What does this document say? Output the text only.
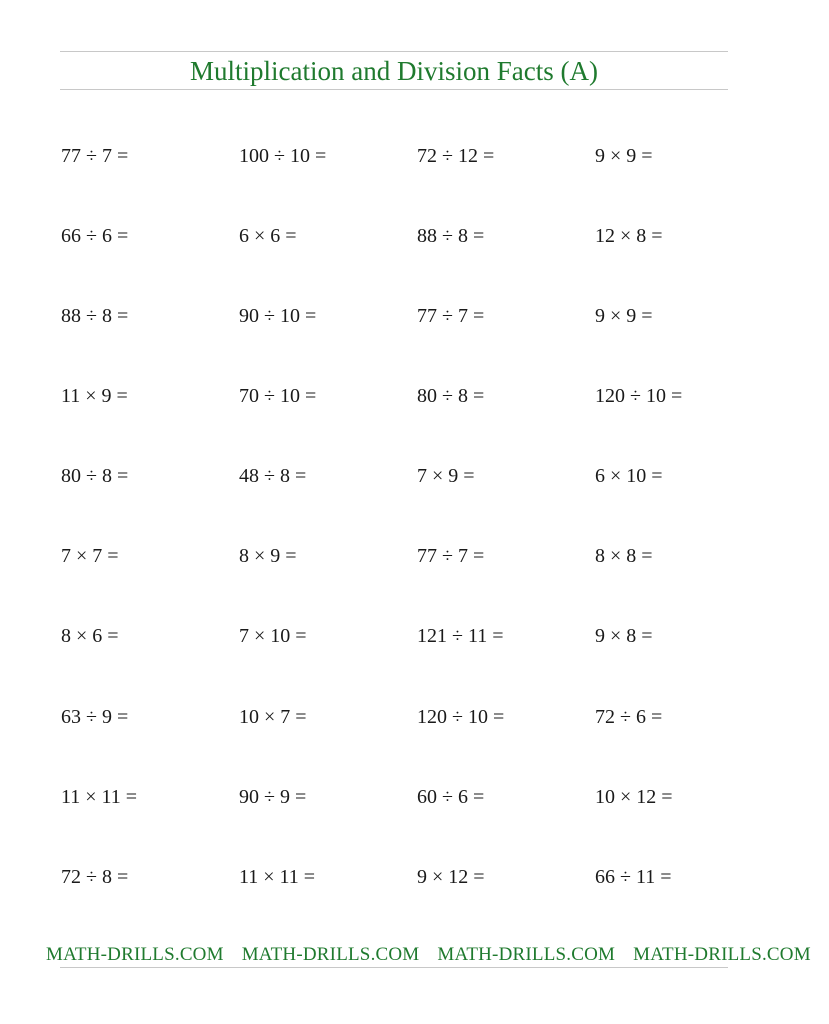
Multiplication and Division Facts (A)
77 ÷ 7 =	100 ÷ 10 =	72 ÷ 12 =	9 × 9 =
66 ÷ 6 =	6 × 6 =	88 ÷ 8 =	12 × 8 =
88 ÷ 8 =	90 ÷ 10 =	77 ÷ 7 =	9 × 9 =
11 × 9 =	70 ÷ 10 =	80 ÷ 8 =	120 ÷ 10 =
80 ÷ 8 =	48 ÷ 8 =	7 × 9 =	6 × 10 =
7 × 7 =	8 × 9 =	77 ÷ 7 =	8 × 8 =
8 × 6 =	7 × 10 =	121 ÷ 11 =	9 × 8 =
63 ÷ 9 =	10 × 7 =	120 ÷ 10 =	72 ÷ 6 =
11 × 11 =	90 ÷ 9 =	60 ÷ 6 =	10 × 12 =
72 ÷ 8 =	11 × 11 =	9 × 12 =	66 ÷ 11 =
MATH-DRILLS.COM MATH-DRILLS.COM MATH-DRILLS.COM MATH-DRILLS.COM
